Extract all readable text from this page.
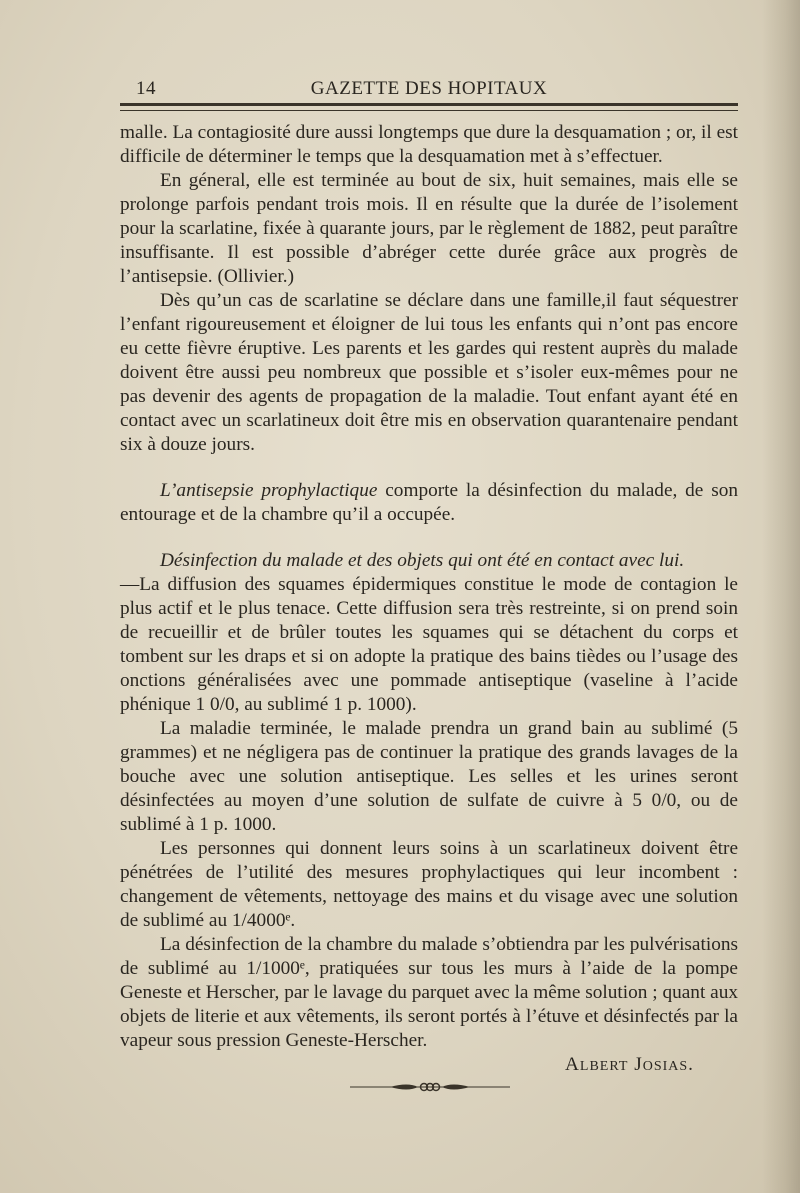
14	GAZETTE DES HOPITAUX

malle. La contagiosité dure aussi longtemps que dure la desquamation ; or, il est difficile de déterminer le temps que la desquamation met à s’effectuer.

En géneral, elle est terminée au bout de six, huit semaines, mais elle se prolonge parfois pendant trois mois. Il en résulte que la durée de l’isolement pour la scarlatine, fixée à quarante jours, par le règlement de 1882, peut paraître insuffisante. Il est possible d’abréger cette durée grâce aux progrès de l’antisepsie. (Ollivier.)

Dès qu’un cas de scarlatine se déclare dans une famille,il faut séquestrer l’enfant rigoureusement et éloigner de lui tous les enfants qui n’ont pas encore eu cette fièvre éruptive. Les parents et les gardes qui restent auprès du malade doivent être aussi peu nombreux que possible et s’isoler eux-mêmes pour ne pas devenir des agents de propagation de la maladie. Tout enfant ayant été en contact avec un scarlatineux doit être mis en observation quarantenaire pendant six à douze jours.

L’antisepsie prophylactique comporte la désinfection du malade, de son entourage et de la chambre qu’il a occupée.

Désinfection du malade et des objets qui ont été en contact avec lui.

—La diffusion des squames épidermiques constitue le mode de contagion le plus actif et le plus tenace. Cette diffusion sera très restreinte, si on prend soin de recueillir et de brûler toutes les squames qui se détachent du corps et tombent sur les draps et si on adopte la pratique des bains tièdes ou l’usage des onctions généralisées avec une pommade antiseptique (vaseline à l’acide phénique 1 0/0, au sublimé 1 p. 1000).

La maladie terminée, le malade prendra un grand bain au sublimé (5 grammes) et ne négligera pas de continuer la pratique des grands lavages de la bouche avec une solution antiseptique. Les selles et les urines seront désinfectées au moyen d’une solution de sulfate de cuivre à 5 0/0, ou de sublimé à 1 p. 1000.

Les personnes qui donnent leurs soins à un scarlatineux doivent être pénétrées de l’utilité des mesures prophylactiques qui leur incombent : changement de vêtements, nettoyage des mains et du visage avec une solution de sublimé au 1/4000ᵉ.

La désinfection de la chambre du malade s’obtiendra par les pulvérisations de sublimé au 1/1000ᵉ, pratiquées sur tous les murs à l’aide de la pompe Geneste et Herscher, par le lavage du parquet avec la même solution ; quant aux objets de literie et aux vêtements, ils seront portés à l’étuve et désinfectés par la vapeur sous pression Geneste-Herscher.

Albert Josias.
